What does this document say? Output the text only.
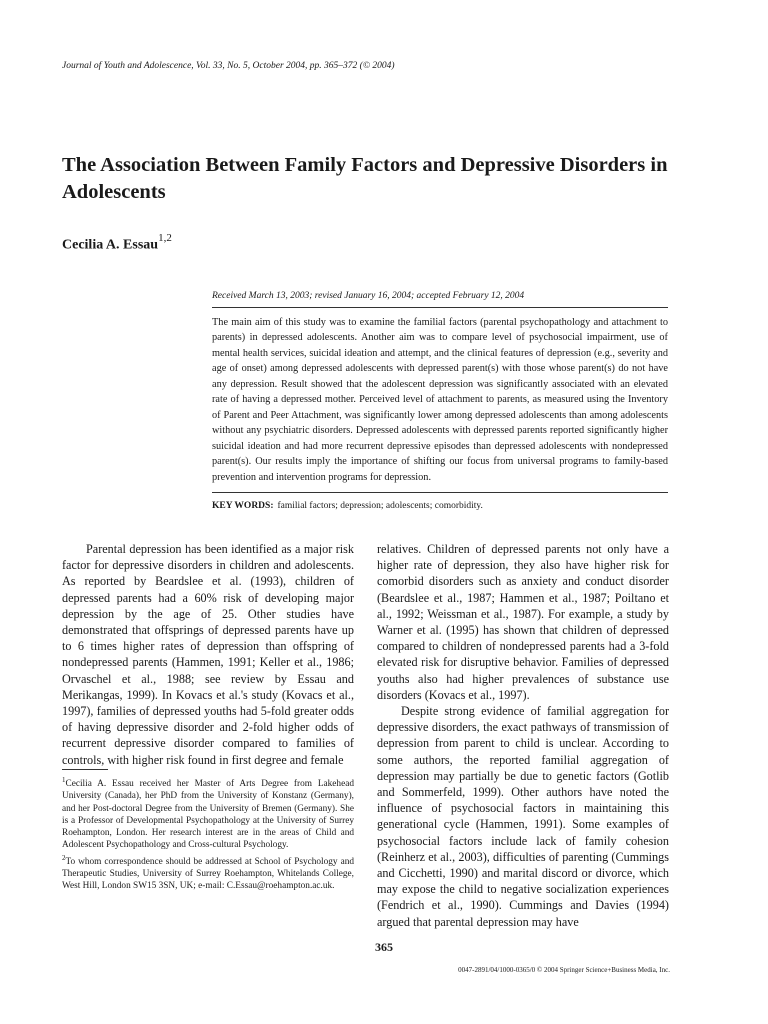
Journal of Youth and Adolescence, Vol. 33, No. 5, October 2004, pp. 365–372 (© 2004)
The Association Between Family Factors and Depressive Disorders in Adolescents
Cecilia A. Essau$^{1,2}$
Received March 13, 2003; revised January 16, 2004; accepted February 12, 2004
The main aim of this study was to examine the familial factors (parental psychopathology and attachment to parents) in depressed adolescents. Another aim was to compare level of psychosocial impairment, use of mental health services, suicidal ideation and attempt, and the clinical features of depression (e.g., severity and age of onset) among depressed adolescents with depressed parent(s) with those whose parent(s) do not have any depression. Result showed that the adolescent depression was significantly associated with an elevated rate of having a depressed mother. Perceived level of attachment to parents, as measured using the Inventory of Parent and Peer Attachment, was significantly lower among depressed adolescents than among adolescents without any psychiatric disorders. Depressed adolescents with depressed parents reported significantly higher suicidal ideation and had more recurrent depressive episodes than depressed adolescents with nondepressed parent(s). Our results imply the importance of shifting our focus from universal programs to family-based prevention and intervention programs for depression.
KEY WORDS: familial factors; depression; adolescents; comorbidity.

Parental depression has been identified as a major risk factor for depressive disorders in children and adolescents. As reported by Beardslee et al. (1993), children of depressed parents had a 60% risk of developing major depression by the age of 25. Other studies have demonstrated that offsprings of depressed parents have up to 6 times higher rates of depression than offspring of nondepressed parents (Hammen, 1991; Keller et al., 1986; Orvaschel et al., 1988; see review by Essau and Merikangas, 1999). In Kovacs et al.'s study (Kovacs et al., 1997), families of depressed youths had 5-fold greater odds of having depressive disorder and 2-fold higher odds of recurrent depressive disorder compared to families of controls, with higher risk found in first degree and female

relatives. Children of depressed parents not only have a higher rate of depression, they also have higher risk for comorbid disorders such as anxiety and conduct disorder (Beardslee et al., 1987; Hammen et al., 1987; Poiltano et al., 1992; Weissman et al., 1987). For example, a study by Warner et al. (1995) has shown that children of depressed compared to children of nondepressed parents had a 3-fold elevated risk for disruptive behavior. Families of depressed youths also had higher prevalences of substance use disorders (Kovacs et al., 1997).

Despite strong evidence of familial aggregation for depressive disorders, the exact pathways of transmission of depression from parent to child is unclear. According to some authors, the reported familial aggregation of depression may partially be due to genetic factors (Gotlib and Sommerfeld, 1999). Other authors have noted the influence of psychosocial factors in maintaining this generational cycle (Hammen, 1991). Some examples of psychosocial factors include lack of family cohesion (Reinherz et al., 2003), difficulties of parenting (Cummings and Cicchetti, 1990) and marital discord or divorce, which may expose the child to negative socialization experiences (Fendrich et al., 1990). Cummings and Davies (1994) argued that parental depression may have

$^1$Cecilia A. Essau received her Master of Arts Degree from Lakehead University (Canada), her PhD from the University of Konstanz (Germany), and her Post-doctoral Degree from the University of Bremen (Germany). She is a Professor of Developmental Psychopathology at the University of Surrey Roehampton, London. Her research interest are in the areas of Child and Adolescent Psychopathology and Cross-cultural Psychology.

$^2$To whom correspondence should be addressed at School of Psychology and Therapeutic Studies, University of Surrey Roehampton, Whitelands College, West Hill, London SW15 3SN, UK; e-mail: C.Essau@roehampton.ac.uk.

365
0047-2891/04/1000-0365/0 © 2004 Springer Science+Business Media, Inc.
